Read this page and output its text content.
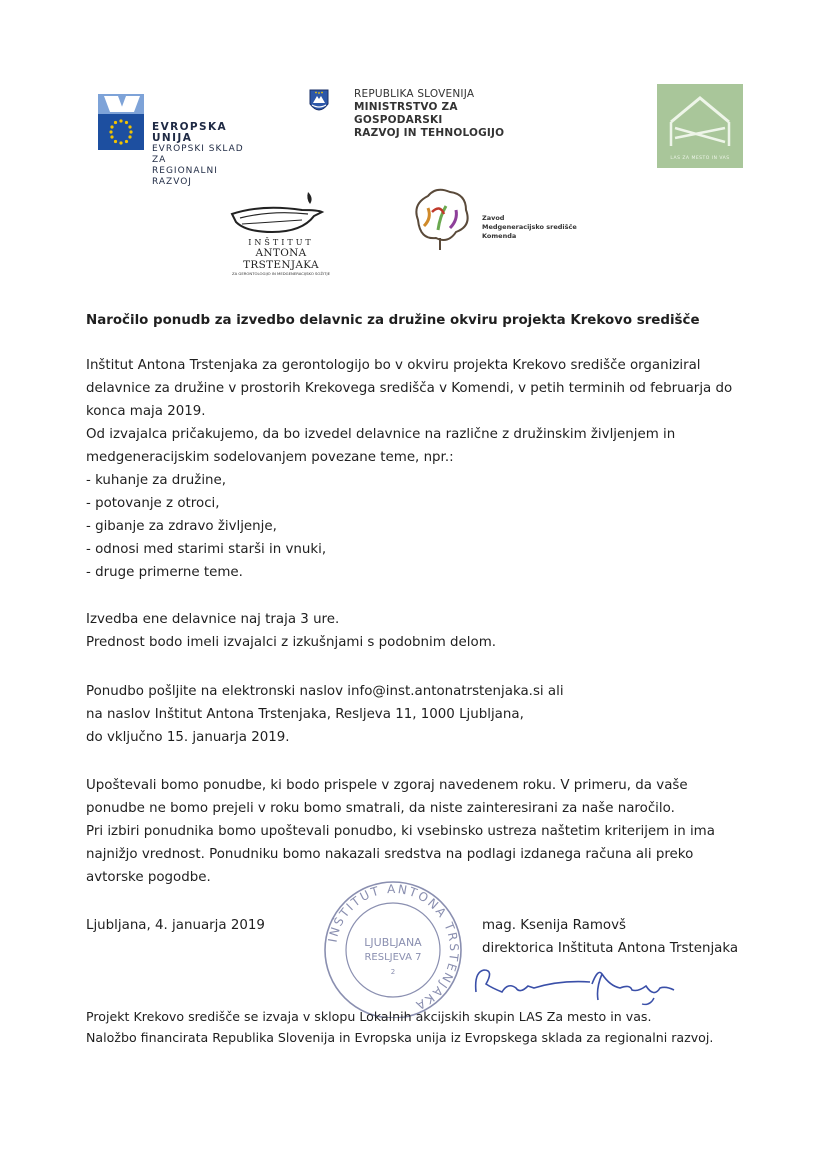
EVROPSKA UNIJA
EVROPSKI SKLAD ZA
REGIONALNI RAZVOJ
REPUBLIKA SLOVENIJA
MINISTRSTVO ZA GOSPODARSKI
RAZVOJ IN TEHNOLOGIJO
LAS ZA MESTO IN VAS
INŠTITUT
ANTONA TRSTENJAKA
ZA GERONTOLOGIJO IN MEDGENERACIJSKO SOŽITJE
Zavod
Medgeneracijsko središče
Komenda
Naročilo ponudb za izvedbo delavnic za družine okviru projekta Krekovo središče
Inštitut Antona Trstenjaka za gerontologijo bo v okviru projekta Krekovo središče organiziral
delavnice za družine v prostorih Krekovega središča v Komendi, v petih terminih od februarja do
konca maja 2019.
Od izvajalca pričakujemo, da bo izvedel delavnice na različne z družinskim življenjem in
medgeneracijskim sodelovanjem povezane teme, npr.:
- kuhanje za družine,
- potovanje z otroci,
- gibanje za zdravo življenje,
- odnosi med starimi starši in vnuki,
- druge primerne teme.
Izvedba ene delavnice naj traja 3 ure.
Prednost bodo imeli izvajalci z izkušnjami s podobnim delom.
Ponudbo pošljite na elektronski naslov info@inst.antonatrstenjaka.si ali
na naslov Inštitut Antona Trstenjaka, Resljeva 11, 1000 Ljubljana,
do vključno 15. januarja 2019.
Upoštevali bomo ponudbe, ki bodo prispele v zgoraj navedenem roku. V primeru, da vaše
ponudbe ne bomo prejeli v roku bomo smatrali, da niste zainteresirani za naše naročilo.
Pri izbiri ponudnika bomo upoštevali ponudbo, ki vsebinsko ustreza naštetim kriterijem in ima
najnižjo vrednost. Ponudniku bomo nakazali sredstva na podlagi izdanega računa ali preko
avtorske pogodbe.
Ljubljana, 4. januarja 2019	mag. Ksenija Ramovš
direktorica Inštituta Antona Trstenjaka
INŠTITUT ANTONA TRSTENJAKA
LJUBLJANA
RESLJEVA 7
2
Projekt Krekovo središče se izvaja v sklopu Lokalnih akcijskih skupin LAS Za mesto in vas.
Naložbo financirata Republika Slovenija in Evropska unija iz Evropskega sklada za regionalni razvoj.
